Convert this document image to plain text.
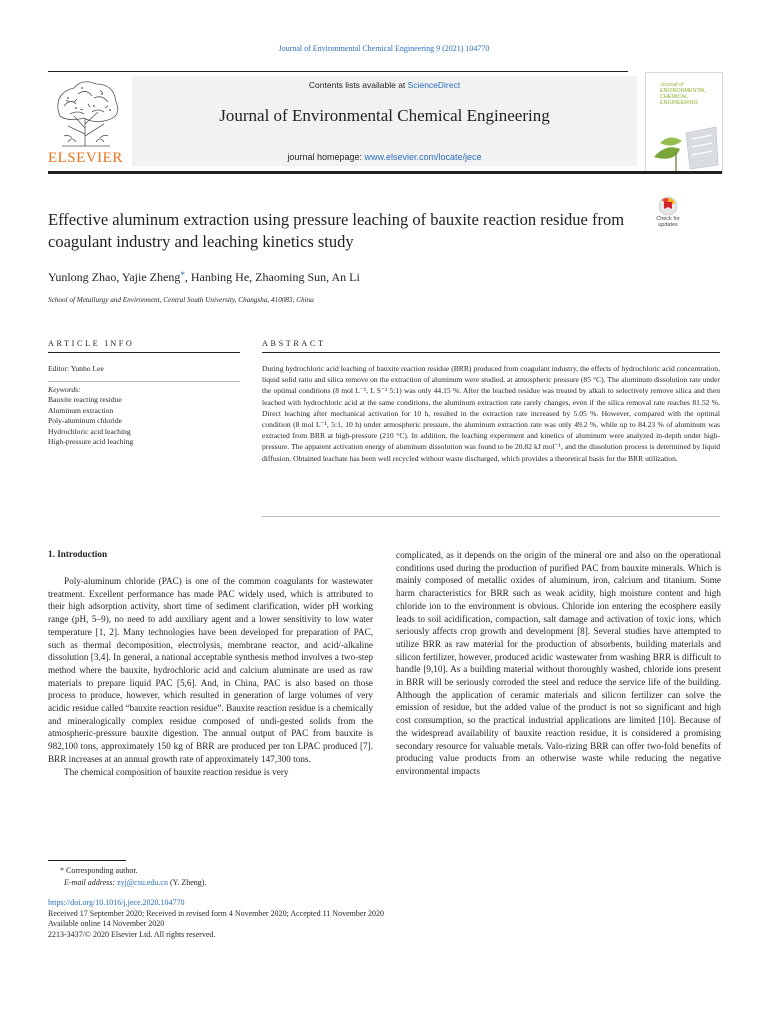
Journal of Environmental Chemical Engineering 9 (2021) 104770
ELSEVIER
Contents lists available at ScienceDirect
Journal of Environmental Chemical Engineering
journal homepage: www.elsevier.com/locate/jece
Journal of
ENVIRONMENTAL
CHEMICAL
ENGINEERING
Effective aluminum extraction using pressure leaching of bauxite reaction residue from coagulant industry and leaching kinetics study
Check for
updates
Yunlong Zhao, Yajie Zheng*, Hanbing He, Zhaoming Sun, An Li
School of Metallurgy and Environment, Central South University, Changsha, 410083, China
ARTICLE INFO
Editor: Yunho Lee
Keywords:
Bauxite reacting residue
Aluminum extraction
Poly-aluminum chloride
Hydrochloric acid leaching
High-pressure acid leaching
ABSTRACT
During hydrochloric acid leaching of bauxite reaction residue (BRR) produced from coagulant industry, the effects of hydrochloric acid concentration, liquid solid ratio and silica remove on the extraction of aluminum were studied, at atmospheric pressure (85 °C). The aluminum dissolution rate under the optimal conditions (8 mol L⁻¹, L S⁻¹ 5:1) was only 44.15 %. After the leached residue was treated by alkali to selectively remove silica and then leached with hydrochloric acid at the same conditions, the aluminum extraction rate rarely changes, even if the silica removal rate reaches 81.52 %. Direct leaching after mechanical activation for 10 h, resulted in the extraction rate increased by 5.05 %. However, compared with the optimal condition (8 mol L⁻¹, 5:1, 10 h) under atmospheric pressure, the aluminum extraction rate was only 49.2 %, while up to 84.23 % of aluminum was extracted from BRR at high-pressure (210 °C). In addition, the leaching experiment and kinetics of aluminum were analyzed in-depth under high-pressure. The apparent activation energy of aluminum dissolution was found to be 20.82 kJ mol⁻¹, and the dissolution process is determined by liquid diffusion. Obtained leachate has been well recycled without waste discharged, which provides a theoretical basis for the BRR utilization.
1. Introduction

Poly-aluminum chloride (PAC) is one of the common coagulants for wastewater treatment. Excellent performance has made PAC widely used, which is attributed to their high adsorption activity, short time of sediment clarification, wider pH working range (pH, 5–9), no need to add auxiliary agent and a lower sensitivity to low water temperature [1, 2]. Many technologies have been developed for preparation of PAC, such as thermal decomposition, electrolysis, membrane reactor, and acid/-alkaline dissolution [3,4]. In general, a national acceptable synthesis method involves a two-step method where the bauxite, hydrochloric acid and calcium aluminate are used as raw materials to prepare liquid PAC [5,6]. And, in China, PAC is also based on those process to produce, however, which resulted in generation of large volumes of very acidic residue called “bauxite reaction residue”. Bauxite reaction residue is a chemically and mineralogically complex residue composed of undi-gested solids from the atmospheric-pressure bauxite digestion. The annual output of PAC from bauxite is 982,100 tons, approximately 150 kg of BRR are produced per ton LPAC produced [7]. BRR increases at an annual growth rate of approximately 147,300 tons.

The chemical composition of bauxite reaction residue is very

complicated, as it depends on the origin of the mineral ore and also on the operational conditions used during the production of purified PAC from bauxite minerals. Which is mainly composed of metallic oxides of aluminum, iron, calcium and titanium. Some harm characteristics for BRR such as weak acidity, high moisture content and high chloride ion to the environment is obvious. Chloride ion entering the ecosphere easily leads to soil acidification, compaction, salt damage and activation of toxic ions, which seriously affects crop growth and development [8]. Several studies have attempted to utilize BRR as raw material for the production of absorbents, building materials and silicon fertilizer, however, produced acidic wastewater from washing BRR is difficult to handle [9,10]. As a building material without thoroughly washed, chloride ions present in BRR will be seriously corroded the steel and reduce the service life of the building. Although the application of ceramic materials and silicon fertilizer can solve the emission of residue, but the added value of the product is not so significant and high cost consumption, so the practical industrial applications are limited [10]. Because of the widespread availability of bauxite reaction residue, it is considered a promising secondary resource for valuable metals. Valo-rizing BRR can offer two-fold benefits of producing value products from an otherwise waste while reducing the negative environmental impacts

* Corresponding author.
E-mail address: zyj@csu.edu.cn (Y. Zheng).
https://doi.org/10.1016/j.jece.2020.104770
Received 17 September 2020; Received in revised form 4 November 2020; Accepted 11 November 2020
Available online 14 November 2020
2213-3437/© 2020 Elsevier Ltd. All rights reserved.
